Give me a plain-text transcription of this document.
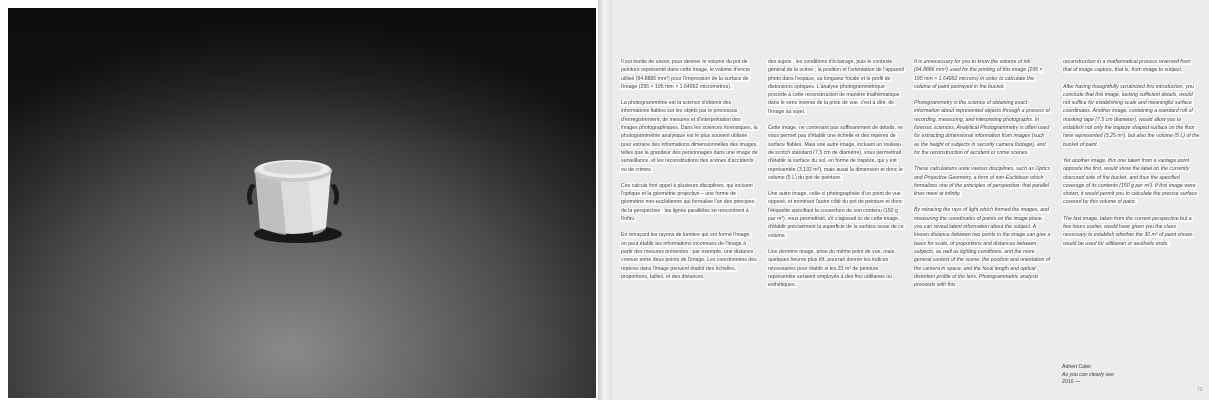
Il est inutile de savoir, pour deviner le volume du pot de peinture représenté dans cette image, le volume d'encre utilisé (94.8886 mm³) pour l'impression de la surface de l'image (295 × 195 mm × 1.64952 micromètres).

La photogrammétrie est la science d'obtenir des informations fiables sur les objets par le processus d'enregistrement, de mesures et d'interprétation des images photographiques. Dans les sciences forensiques, la photogrammétrie analytique est le plus souvent utilisée pour extraire des informations dimensionnelles des images, telles que la grandeur des personnages dans une image de surveillance, et les reconstitutions des scènes d'accidents ou de crimes.

Ces calculs font appel à plusieurs disciplines, qui incluent l'optique et la géométrie projective – une forme de géométrie non-euclidienne qui formalise l'un des principes de la perspective : les lignes parallèles se rencontrent à l'infini.

En retraçant les rayons de lumière qui ont formé l'image, on peut établir les informations inconnues de l'image à partir des mesures présentes ; par exemple, une distance connue entre deux points de l'image. Les coordonnées des repères dans l'image peuvent établir des échelles, proportions, tailles, et des distances

des sujets ; les conditions d'éclairage, puis le contexte général de la scène ; la position et l'orientation de l'appareil photo dans l'espace, sa longueur focale et le profil de distorsions optiques. L'analyse photogrammétrique procède à cette reconstruction de manière mathématique dans le sens inverse de la prise de vue, c'est à dire, de l'image au sujet.

Cette image, ne contenant pas suffisamment de détails, ne vous permet pas d'établir une échelle et des repères de surface fiables. Mais une autre image, incluant un rouleau de scotch standard (7,5 cm de diamètre), vous permettrait d'établir la surface du sol, en forme de trapèze, qui y est représentée (3.192 m²), mais aussi la dimension et donc le volume (5 L) du pot de peinture.

Une autre image, celle-ci photographiée d'un point de vue opposé, et montrant l'autre côté du pot de peinture et donc l'étiquette spécifiant la couverture de son contenu (150 g par m²), vous permettrait, s'il s'agissait ici de cette image, d'établir précisément la superficie de la surface issue de ce volume.

Une dernière image, prise du même point de vue, mais quelques heures plus tôt, pourrait donner les indices nécessaires pour établir si les 33 m² de peinture représentée seraient employés à des fins utilitaires ou esthétiques.

It is unnecessary for you to know the volume of ink (94.8886 mm³) used for the printing of this image (295 × 195 mm × 1.64952 microns) in order to calculate the volume of paint portrayed in the bucket.

Photogrammetry is the science of obtaining exact information about represented objects through a process of recording, measuring, and interpreting photographs. In forensic sciences, Analytical Photogrammetry is often used for extracting dimensional information from images (such as the height of subjects in security camera footage), and for the reconstruction of accident or crime scenes.

These calculations unite various disciplines, such as Optics and Projective Geometry, a form of non-Euclidean which formalizes one of the principles of perspective: that parallel lines meet at infinity.

By retracing the rays of light which formed the images, and measuring the coordinates of points on the image plane, you can reveal latent information about the subject. A known distance between two points in the image can give a basis for scale, of proportions and distances between subjects, as well as lighting conditions, and the more general context of the scene: the position and orientation of the camera in space, and the focal length and optical distortion profile of the lens. Photogrammetric analysis proceeds with this

reconstruction in a mathematical process reversed from that of image capture, that is, from image to subject.

After having thoughtfully scrutinized this introduction, you conclude that this image, lacking sufficient details, would not suffice for establishing scale and meaningful surface coordinates. Another image, containing a standard roll of masking tape (7.5 cm diameter), would allow you to establish not only the trapeze shaped surface on the floor here represented (3.25 m²), but also the volume (5 L) of the bucket of paint.

Yet another image, this one taken from a vantage point opposite the first, would show the label on the currently obscured side of the bucket, and thus the specified coverage of its contents (150 g per m²). If this image were shown, it would permit you to calculate the precise surface covered by this volume of paint.

The last image, taken from the current perspective but a few hours earlier, would have given you the clues necessary to establish whether the 30 m² of paint shown would be used for utilitarian or aesthetic ends.

Adrien Cater
As you can clearly see
2010 —
73
